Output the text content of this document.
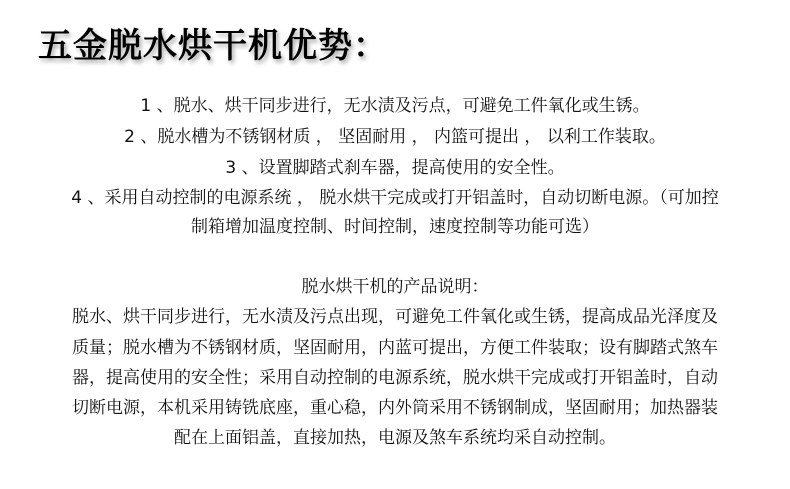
五金脱水烘干机优势：
1 、脱水、烘干同步进行，无水渍及污点，可避免工件氧化或生锈。
2 、脱水槽为不锈钢材质 ， 坚固耐用 ， 内篮可提出 ， 以利工作装取。
3 、设置脚踏式刹车器，提高使用的安全性。
4 、采用自动控制的电源系统 ， 脱水烘干完成或打开铝盖时，自动切断电源。（可加控
制箱增加温度控制、时间控制，速度控制等功能可选）
脱水烘干机的产品说明：
脱水、烘干同步进行，无水渍及污点出现，可避免工件氧化或生锈，提高成品光泽度及
质量；脱水槽为不锈钢材质，坚固耐用，内蓝可提出，方便工件装取；设有脚踏式煞车
器，提高使用的安全性；采用自动控制的电源系统，脱水烘干完成或打开铝盖时，自动
切断电源，本机采用铸铣底座，重心稳，内外筒采用不锈钢制成，坚固耐用；加热器装
配在上面铝盖，直接加热，电源及煞车系统均采自动控制。
